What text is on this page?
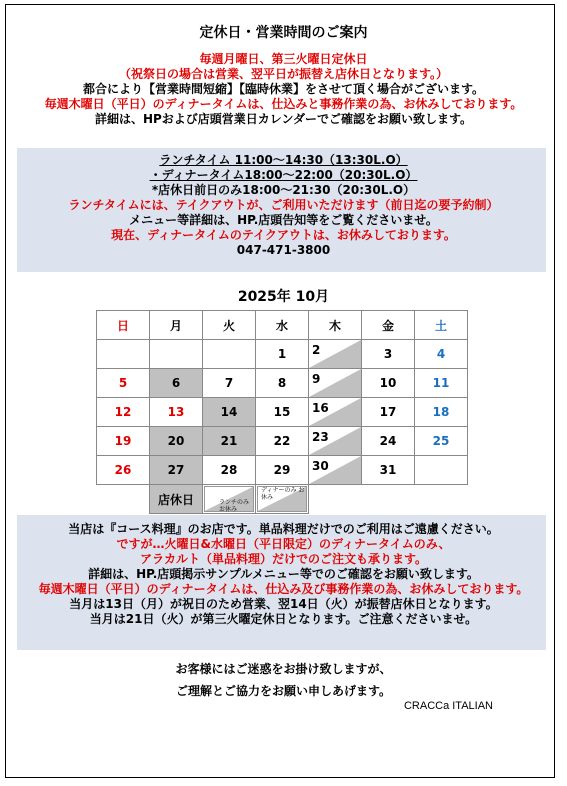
定休日・営業時間のご案内
毎週月曜日、第三火曜日定休日
（祝祭日の場合は営業、翌平日が振替え店休日となります。）
都合により【営業時間短縮】【臨時休業】をさせて頂く場合がございます。
毎週木曜日（平日）のディナータイムは、仕込みと事務作業の為、お休みしております。
詳細は、HPおよび店頭営業日カレンダーでご確認をお願い致します。
ランチタイム 11:00～14:30（13:30L.O）
・ディナータイム18:00～22:00（20:30L.O）
*店休日前日のみ18:00～21:30（20:30L.O）
ランチタイムには、テイクアウトが、ご利用いただけます（前日迄の要予約制）
メニュー等詳細は、HP.店頭告知等をご覧くださいませ。
現在、ディナータイムのテイクアウトは、お休みしております。
047-471-3800
2025年 10月
日	月	火	水	木	金	土
			1	2	3	4
5	6	7	8	9	10	11
12	13	14	15	16	17	18
19	20	21	22	23	24	25
26	27	28	29	30	31	
	店休日	ランチのみ お休み	ディナーのみ お休み			

当店は『コース料理』のお店です。単品料理だけでのご利用はご遠慮ください。
ですが…火曜日&水曜日（平日限定）のディナータイムのみ、
アラカルト（単品料理）だけでのご注文も承ります。
詳細は、HP.店頭掲示サンプルメニュー等でのご確認をお願い致します。
毎週木曜日（平日）のディナータイムは、仕込み及び事務作業の為、お休みしております。
当月は13日（月）が祝日のため営業、翌14日（火）が振替店休日となります。
当月は21日（火）が第三火曜定休日となります。ご注意くださいませ。
お客様にはご迷惑をお掛け致しますが、
ご理解とご協力をお願い申しあげます。
CRACCa ITALIAN
